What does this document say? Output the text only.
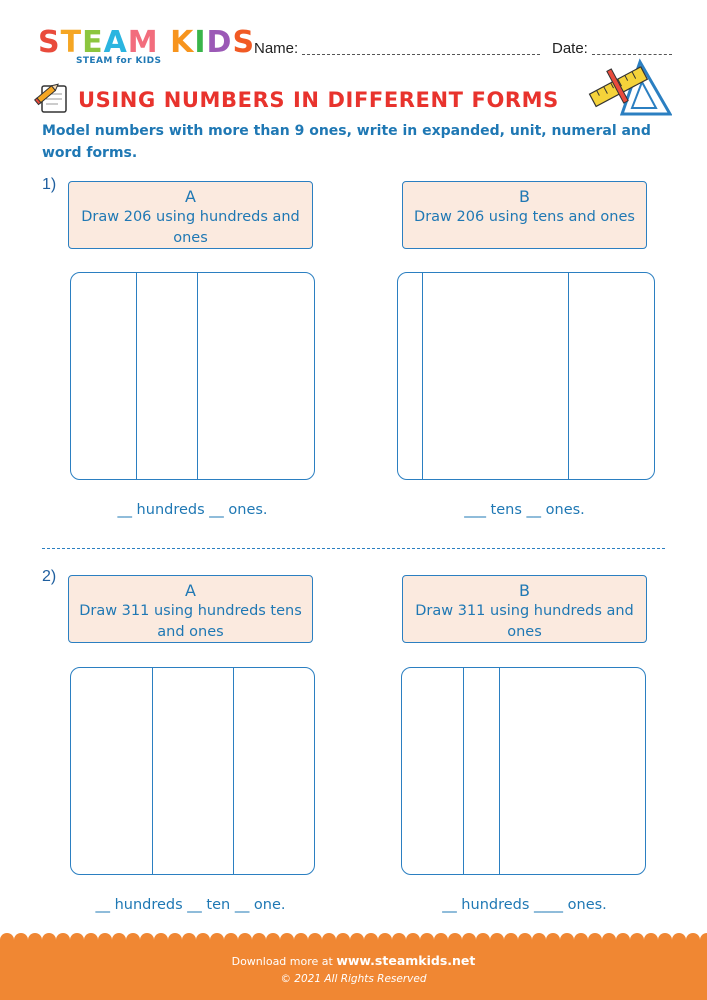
STEAM KIDS
STEAM for KIDS
Name:	Date:
USING NUMBERS IN DIFFERENT FORMS
Model numbers with more than 9 ones, write in expanded, unit, numeral and word forms.
1)
A
Draw 206 using hundreds and ones
B
Draw 206 using tens and ones
__ hundreds __ ones.	___ tens __ ones.
2)
A
Draw 311 using hundreds tens and ones
B
Draw 311 using hundreds and ones
__ hundreds __ ten __ one.	__ hundreds ____ ones.
Download more at www.steamkids.net
© 2021 All Rights Reserved
